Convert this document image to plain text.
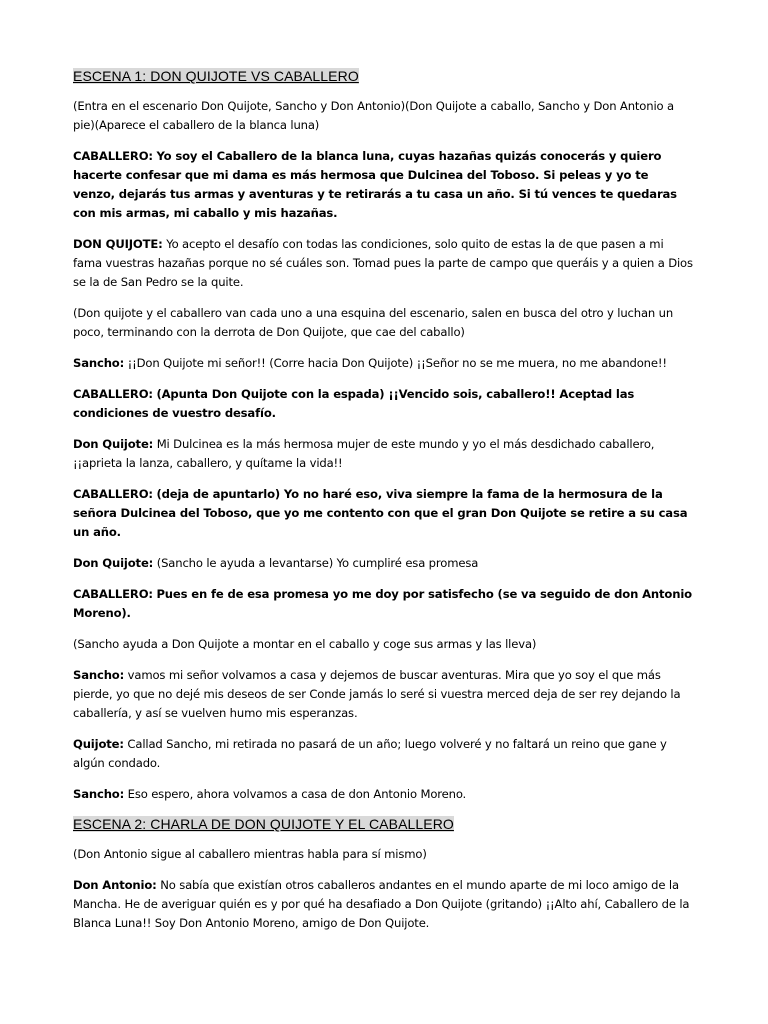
ESCENA 1: DON QUIJOTE VS CABALLERO
(Entra en el escenario Don Quijote, Sancho y Don Antonio)(Don Quijote a caballo, Sancho y Don Antonio a pie)(Aparece el caballero de la blanca luna)
CABALLERO: Yo soy el Caballero de la blanca luna, cuyas hazañas quizás conocerás y quiero hacerte confesar que mi dama es más hermosa que Dulcinea del Toboso. Si peleas y yo te venzo, dejarás tus armas y aventuras y te retirarás a tu casa un año. Si tú vences te quedaras con mis armas, mi caballo y mis hazañas.
DON QUIJOTE: Yo acepto el desafío con todas las condiciones, solo quito de estas la de que pasen a mi fama vuestras hazañas porque no sé cuáles son. Tomad pues la parte de campo que queráis y a quien a Dios se la de San Pedro se la quite.
(Don quijote y el caballero van cada uno a una esquina del escenario, salen en busca del otro y luchan un poco, terminando con la derrota de Don Quijote, que cae del caballo)
Sancho: ¡¡Don Quijote mi señor!! (Corre hacia Don Quijote) ¡¡Señor no se me muera, no me abandone!!
CABALLERO: (Apunta Don Quijote con la espada) ¡¡Vencido sois, caballero!! Aceptad las condiciones de vuestro desafío.
Don Quijote: Mi Dulcinea es la más hermosa mujer de este mundo y yo el más desdichado caballero, ¡¡aprieta la lanza, caballero, y quítame la vida!!
CABALLERO: (deja de apuntarlo) Yo no haré eso, viva siempre la fama de la hermosura de la señora Dulcinea del Toboso, que yo me contento con que el gran Don Quijote se retire a su casa un año.
Don Quijote: (Sancho le ayuda a levantarse) Yo cumpliré esa promesa
CABALLERO: Pues en fe de esa promesa yo me doy por satisfecho (se va seguido de don Antonio Moreno).
(Sancho ayuda a Don Quijote a montar en el caballo y coge sus armas y las lleva)
Sancho: vamos mi señor volvamos a casa y dejemos de buscar aventuras. Mira que yo soy el que más pierde, yo que no dejé mis deseos de ser Conde jamás lo seré si vuestra merced deja de ser rey dejando la caballería, y así se vuelven humo mis esperanzas.
Quijote: Callad Sancho, mi retirada no pasará de un año; luego volveré y no faltará un reino que gane y algún condado.
Sancho: Eso espero, ahora volvamos a casa de don Antonio Moreno.
ESCENA 2: CHARLA DE DON QUIJOTE Y EL CABALLERO
(Don Antonio sigue al caballero mientras habla para sí mismo)
Don Antonio: No sabía que existían otros caballeros andantes en el mundo aparte de mi loco amigo de la Mancha. He de averiguar quién es y por qué ha desafiado a Don Quijote (gritando) ¡¡Alto ahí, Caballero de la Blanca Luna!! Soy Don Antonio Moreno, amigo de Don Quijote.
